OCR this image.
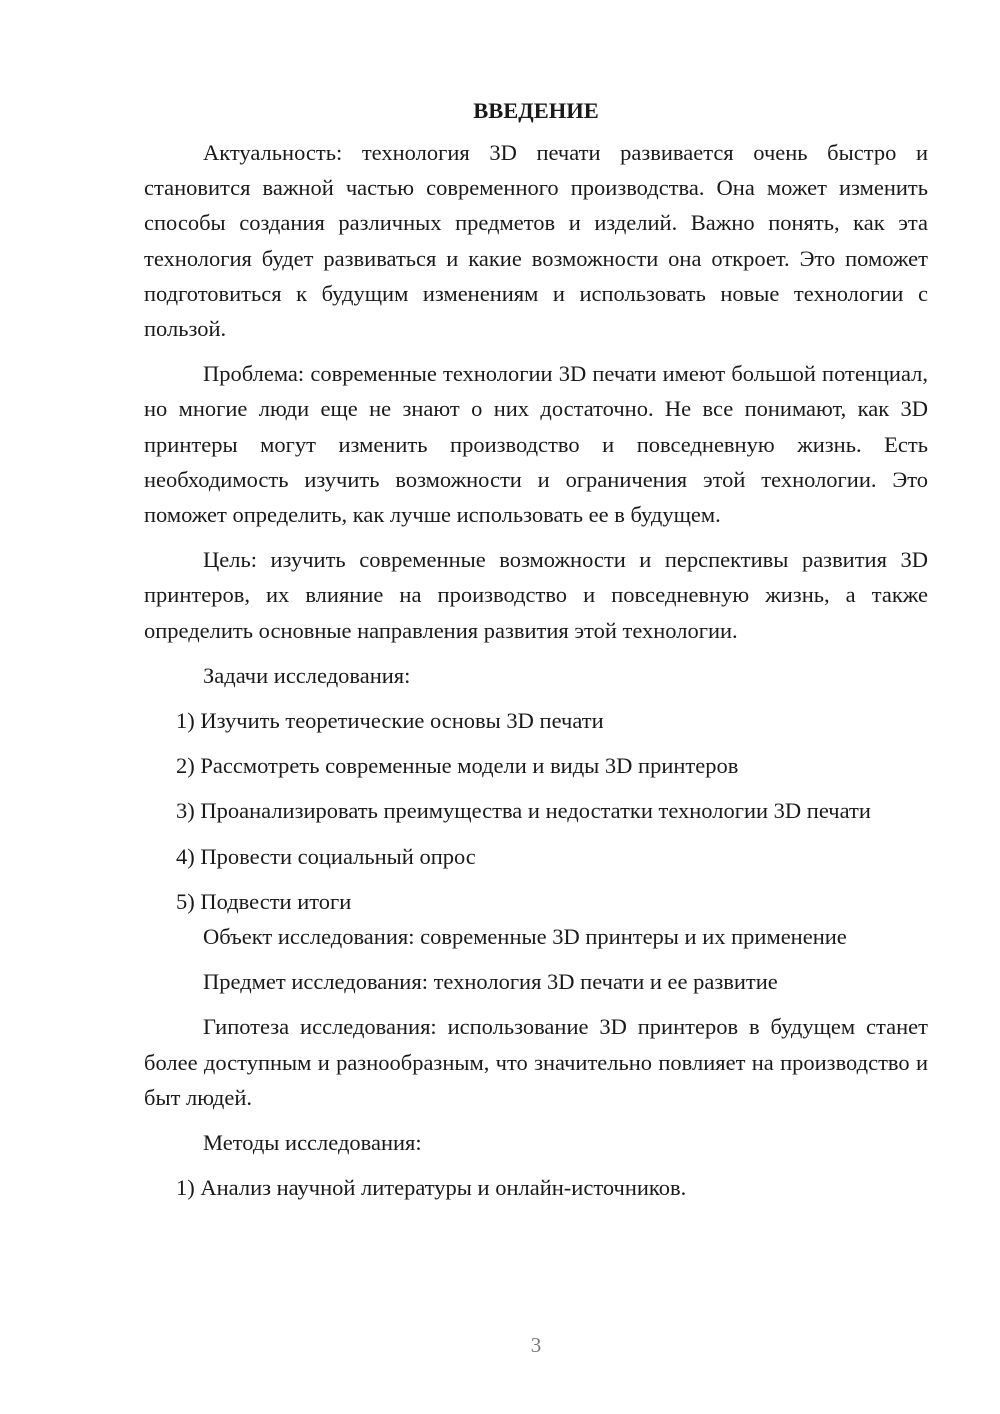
ВВЕДЕНИЕ

Актуальность: технология 3D печати развивается очень быстро и становится важной частью современного производства. Она может изменить способы создания различных предметов и изделий. Важно понять, как эта технология будет развиваться и какие возможности она откроет. Это поможет подготовиться к будущим изменениям и использовать новые технологии с пользой.

Проблема: современные технологии 3D печати имеют большой потенциал, но многие люди еще не знают о них достаточно. Не все понимают, как 3D принтеры могут изменить производство и повседневную жизнь. Есть необходимость изучить возможности и ограничения этой технологии. Это поможет определить, как лучше использовать ее в будущем.

Цель: изучить современные возможности и перспективы развития 3D принтеров, их влияние на производство и повседневную жизнь, а также определить основные направления развития этой технологии.

Задачи исследования:

1) Изучить теоретические основы 3D печати

2) Рассмотреть современные модели и виды 3D принтеров

3) Проанализировать преимущества и недостатки технологии 3D печати

4) Провести социальный опрос

5) Подвести итоги

Объект исследования: современные 3D принтеры и их применение

Предмет исследования: технология 3D печати и ее развитие

Гипотеза исследования: использование 3D принтеров в будущем станет более доступным и разнообразным, что значительно повлияет на производство и быт людей.

Методы исследования:

1) Анализ научной литературы и онлайн-источников.

3
